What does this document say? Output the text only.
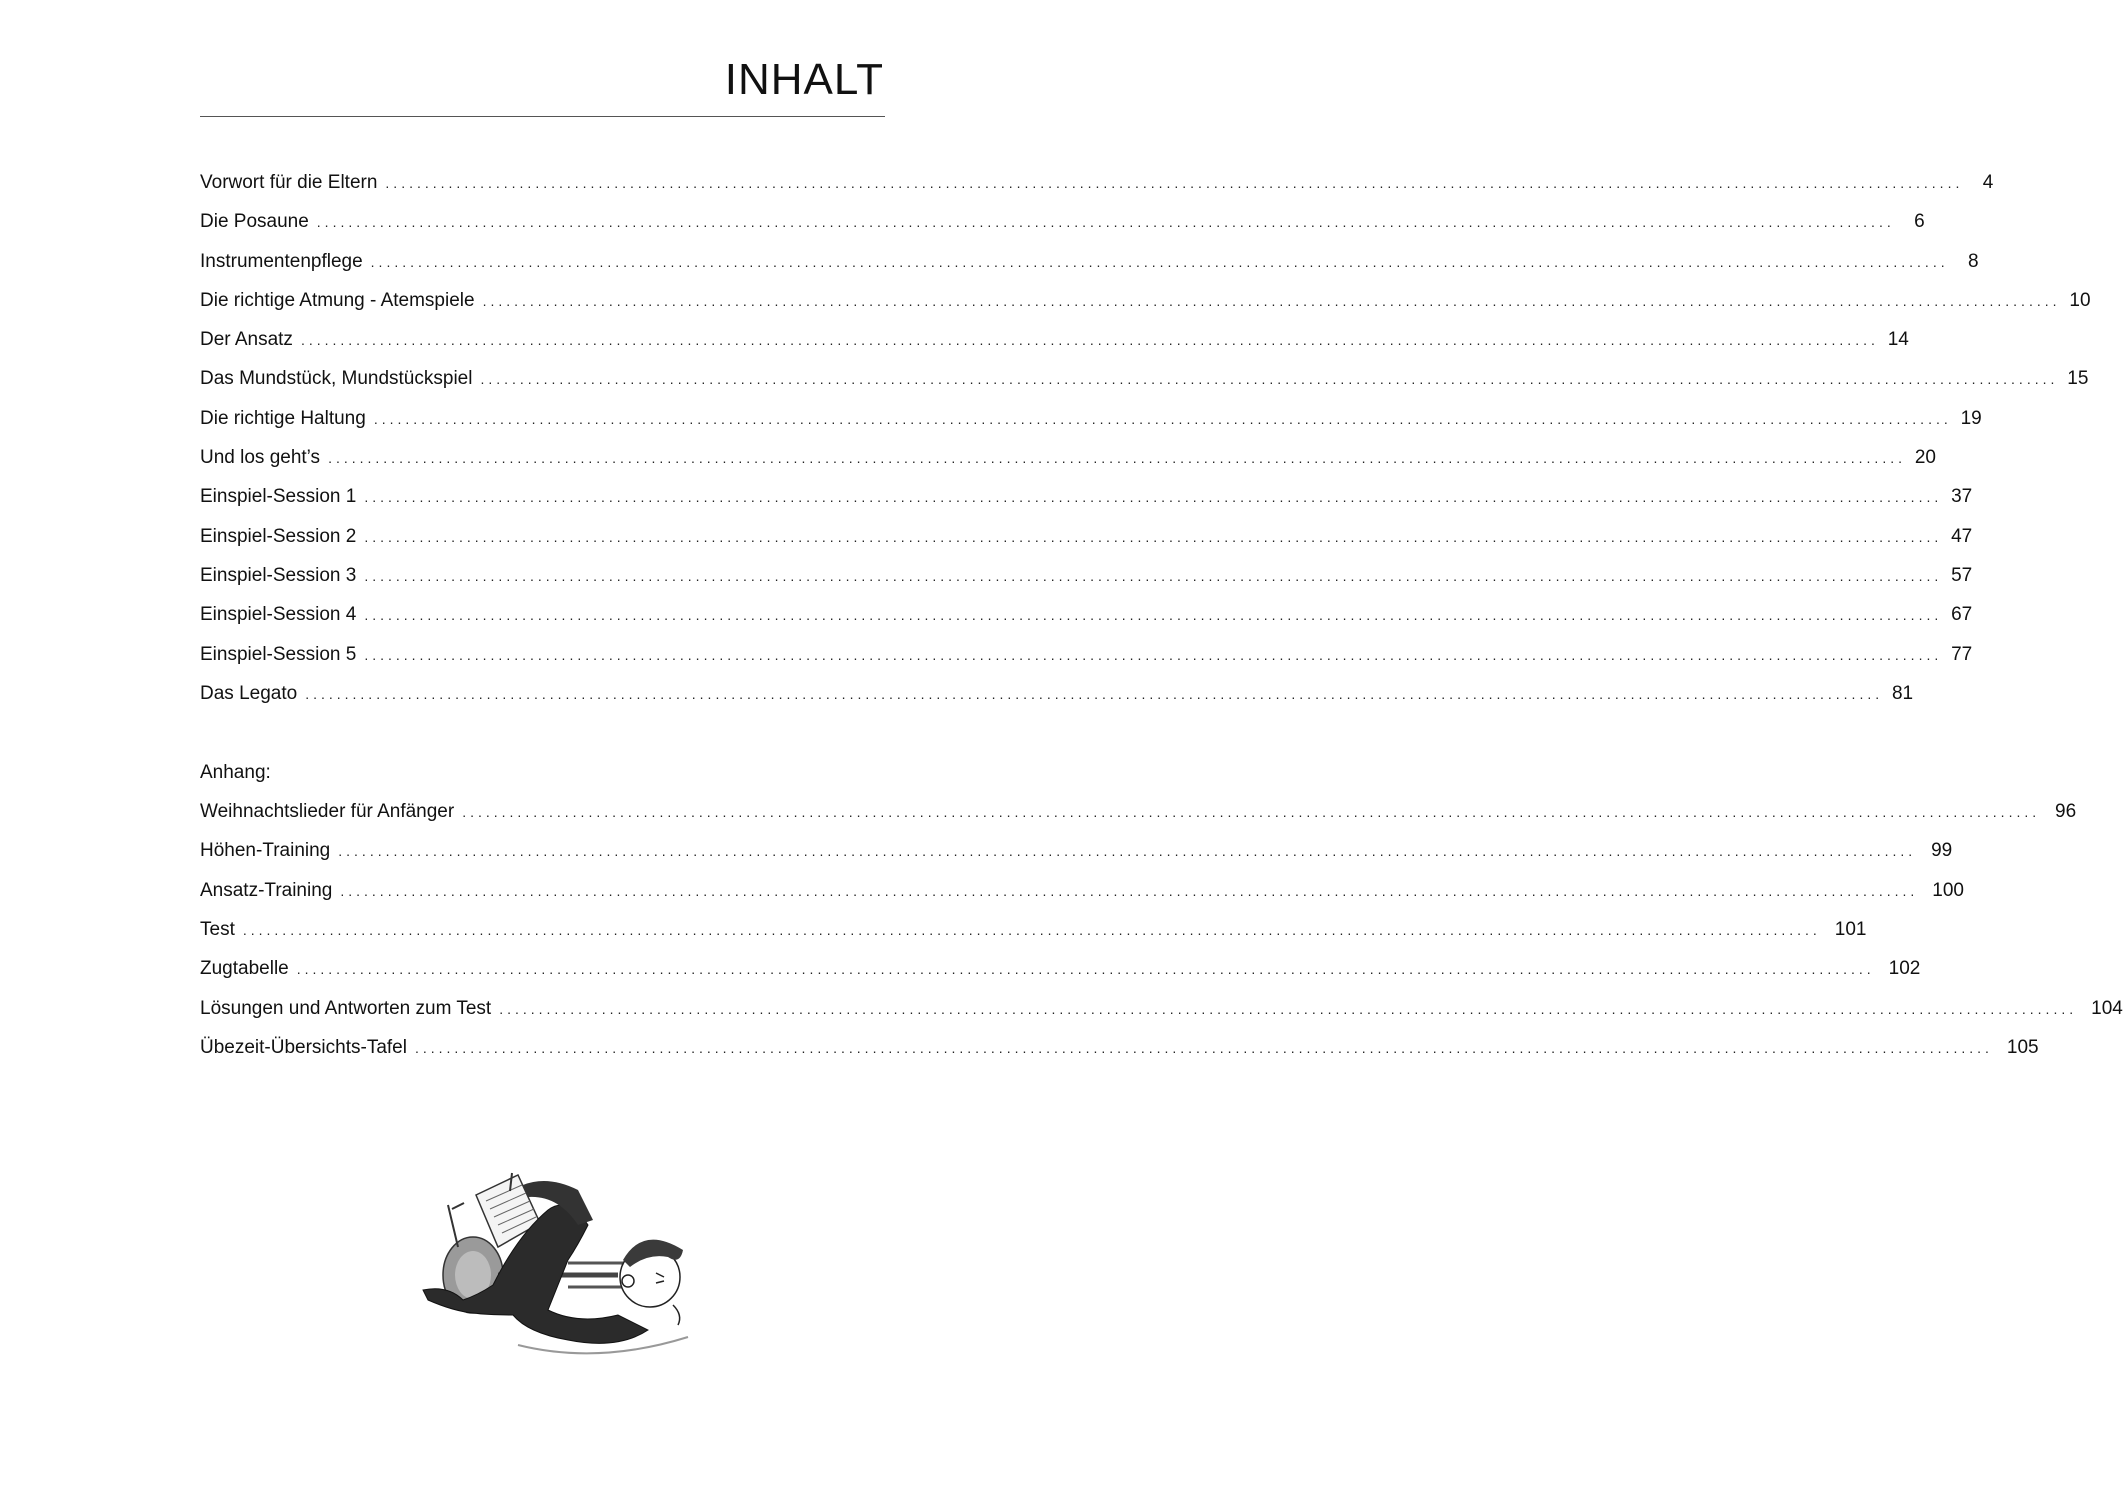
INHALT
Vorwort für die Eltern ........................................................................................................................................................................................................	4
Die Posaune ........................................................................................................................................................................................................	6
Instrumentenpflege ........................................................................................................................................................................................................	8
Die richtige Atmung - Atemspiele ........................................................................................................................................................................................................ 10
Der Ansatz ........................................................................................................................................................................................................ 14
Das Mundstück, Mundstückspiel ........................................................................................................................................................................................................ 15
Die richtige Haltung ........................................................................................................................................................................................................ 19
Und los geht’s ........................................................................................................................................................................................................ 20
Einspiel-Session 1 ........................................................................................................................................................................................................ 37
Einspiel-Session 2 ........................................................................................................................................................................................................ 47
Einspiel-Session 3 ........................................................................................................................................................................................................ 57
Einspiel-Session 4 ........................................................................................................................................................................................................ 67
Einspiel-Session 5 ........................................................................................................................................................................................................ 77
Das Legato ........................................................................................................................................................................................................ 81
Anhang:
Weihnachtslieder für Anfänger ........................................................................................................................................................................................................ 96
Höhen-Training ........................................................................................................................................................................................................ 99
Ansatz-Training ........................................................................................................................................................................................................ 100
Test ........................................................................................................................................................................................................ 101
Zugtabelle ........................................................................................................................................................................................................ 102
Lösungen und Antworten zum Test ........................................................................................................................................................................................................ 104
Übezeit-Übersichts-Tafel ........................................................................................................................................................................................................ 105
